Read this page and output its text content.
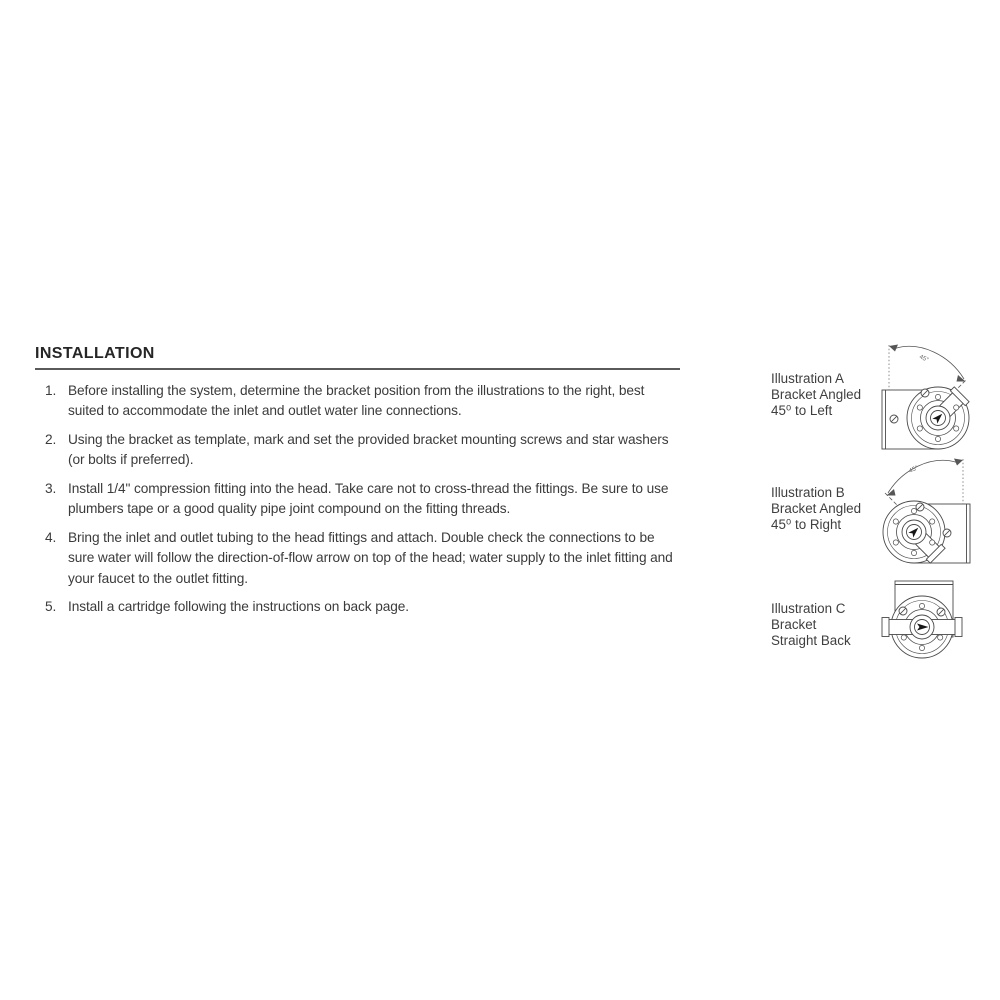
INSTALLATION
1. Before installing the system, determine the bracket position from the illustrations to the right, best suited to accommodate the inlet and outlet water line connections.
2. Using the bracket as template, mark and set the provided bracket mounting screws and star washers (or bolts if preferred).
3. Install 1/4" compression fitting into the head. Take care not to cross-thread the fittings. Be sure to use plumbers tape or a good quality pipe joint compound on the fitting threads.
4. Bring the inlet and outlet tubing to the head fittings and attach. Double check the connections to be sure water will follow the direction-of-flow arrow on top of the head; water supply to the inlet fitting and your faucet to the outlet fitting.
5. Install a cartridge following the instructions on back page.
Illustration A
Bracket Angled
45⁰ to Left
45°
Illustration B
Bracket Angled
45⁰ to Right
45°
Illustration C
Bracket
Straight Back
